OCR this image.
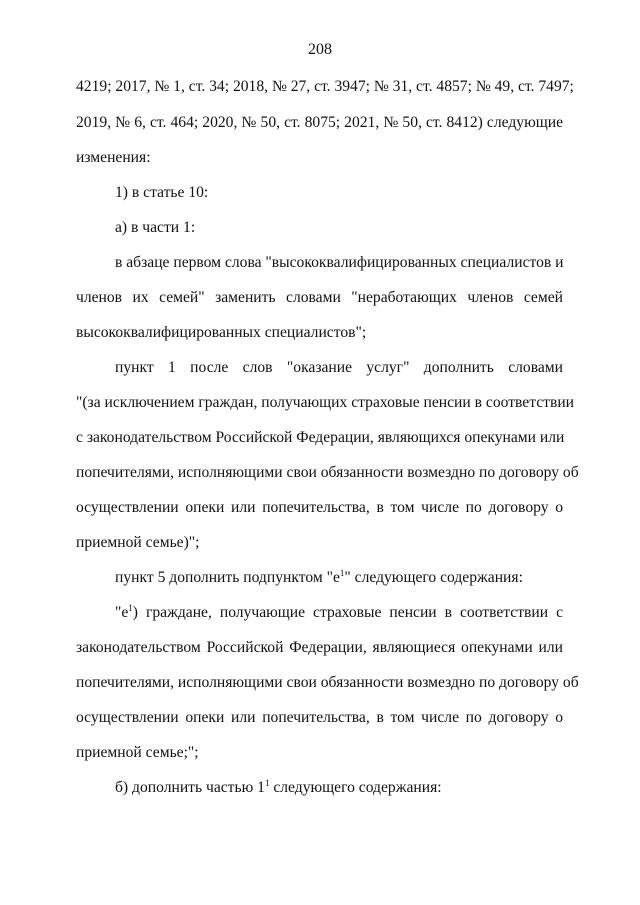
208
4219; 2017, № 1, ст. 34; 2018, № 27, ст. 3947; № 31, ст. 4857; № 49, ст. 7497;
2019, № 6, ст. 464; 2020, № 50, ст. 8075; 2021, № 50, ст. 8412) следующие
изменения:
1) в статье 10:
а) в части 1:
в абзаце первом слова "высококвалифицированных специалистов и
членов их семей" заменить словами "неработающих членов семей
высококвалифицированных специалистов";
пункт 1 после слов "оказание услуг" дополнить словами
"(за исключением граждан, получающих страховые пенсии в соответствии
с законодательством Российской Федерации, являющихся опекунами или
попечителями, исполняющими свои обязанности возмездно по договору об
осуществлении опеки или попечительства, в том числе по договору о
приемной семье)";
пункт 5 дополнить подпунктом "$е^1$" следующего содержания:
"$е^1$) граждане, получающие страховые пенсии в соответствии с
законодательством Российской Федерации, являющиеся опекунами или
попечителями, исполняющими свои обязанности возмездно по договору об
осуществлении опеки или попечительства, в том числе по договору о
приемной семье;";
б) дополнить частью $1^1$ следующего содержания:
